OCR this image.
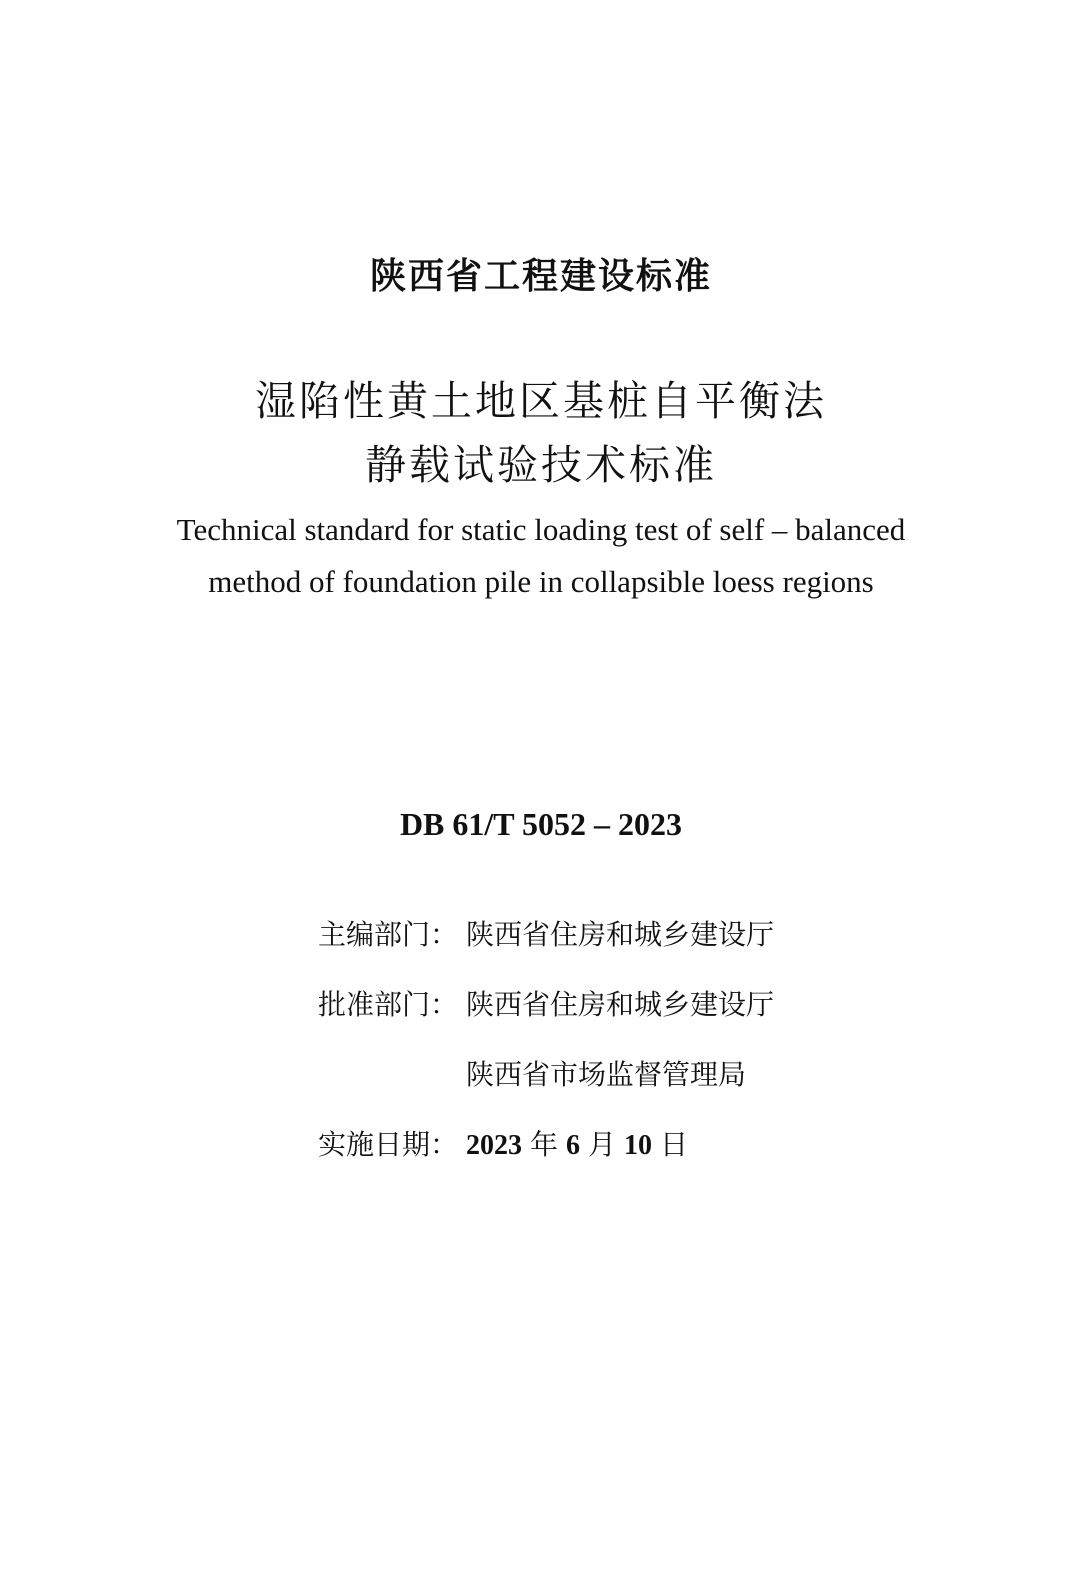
陕西省工程建设标准
湿陷性黄土地区基桩自平衡法
静载试验技术标准
Technical standard for static loading test of self – balanced
method of foundation pile in collapsible loess regions
DB 61/T 5052 – 2023
主编部门： 陕西省住房和城乡建设厅
批准部门： 陕西省住房和城乡建设厅
陕西省市场监督管理局
实施日期： 2023 年 6 月 10 日
